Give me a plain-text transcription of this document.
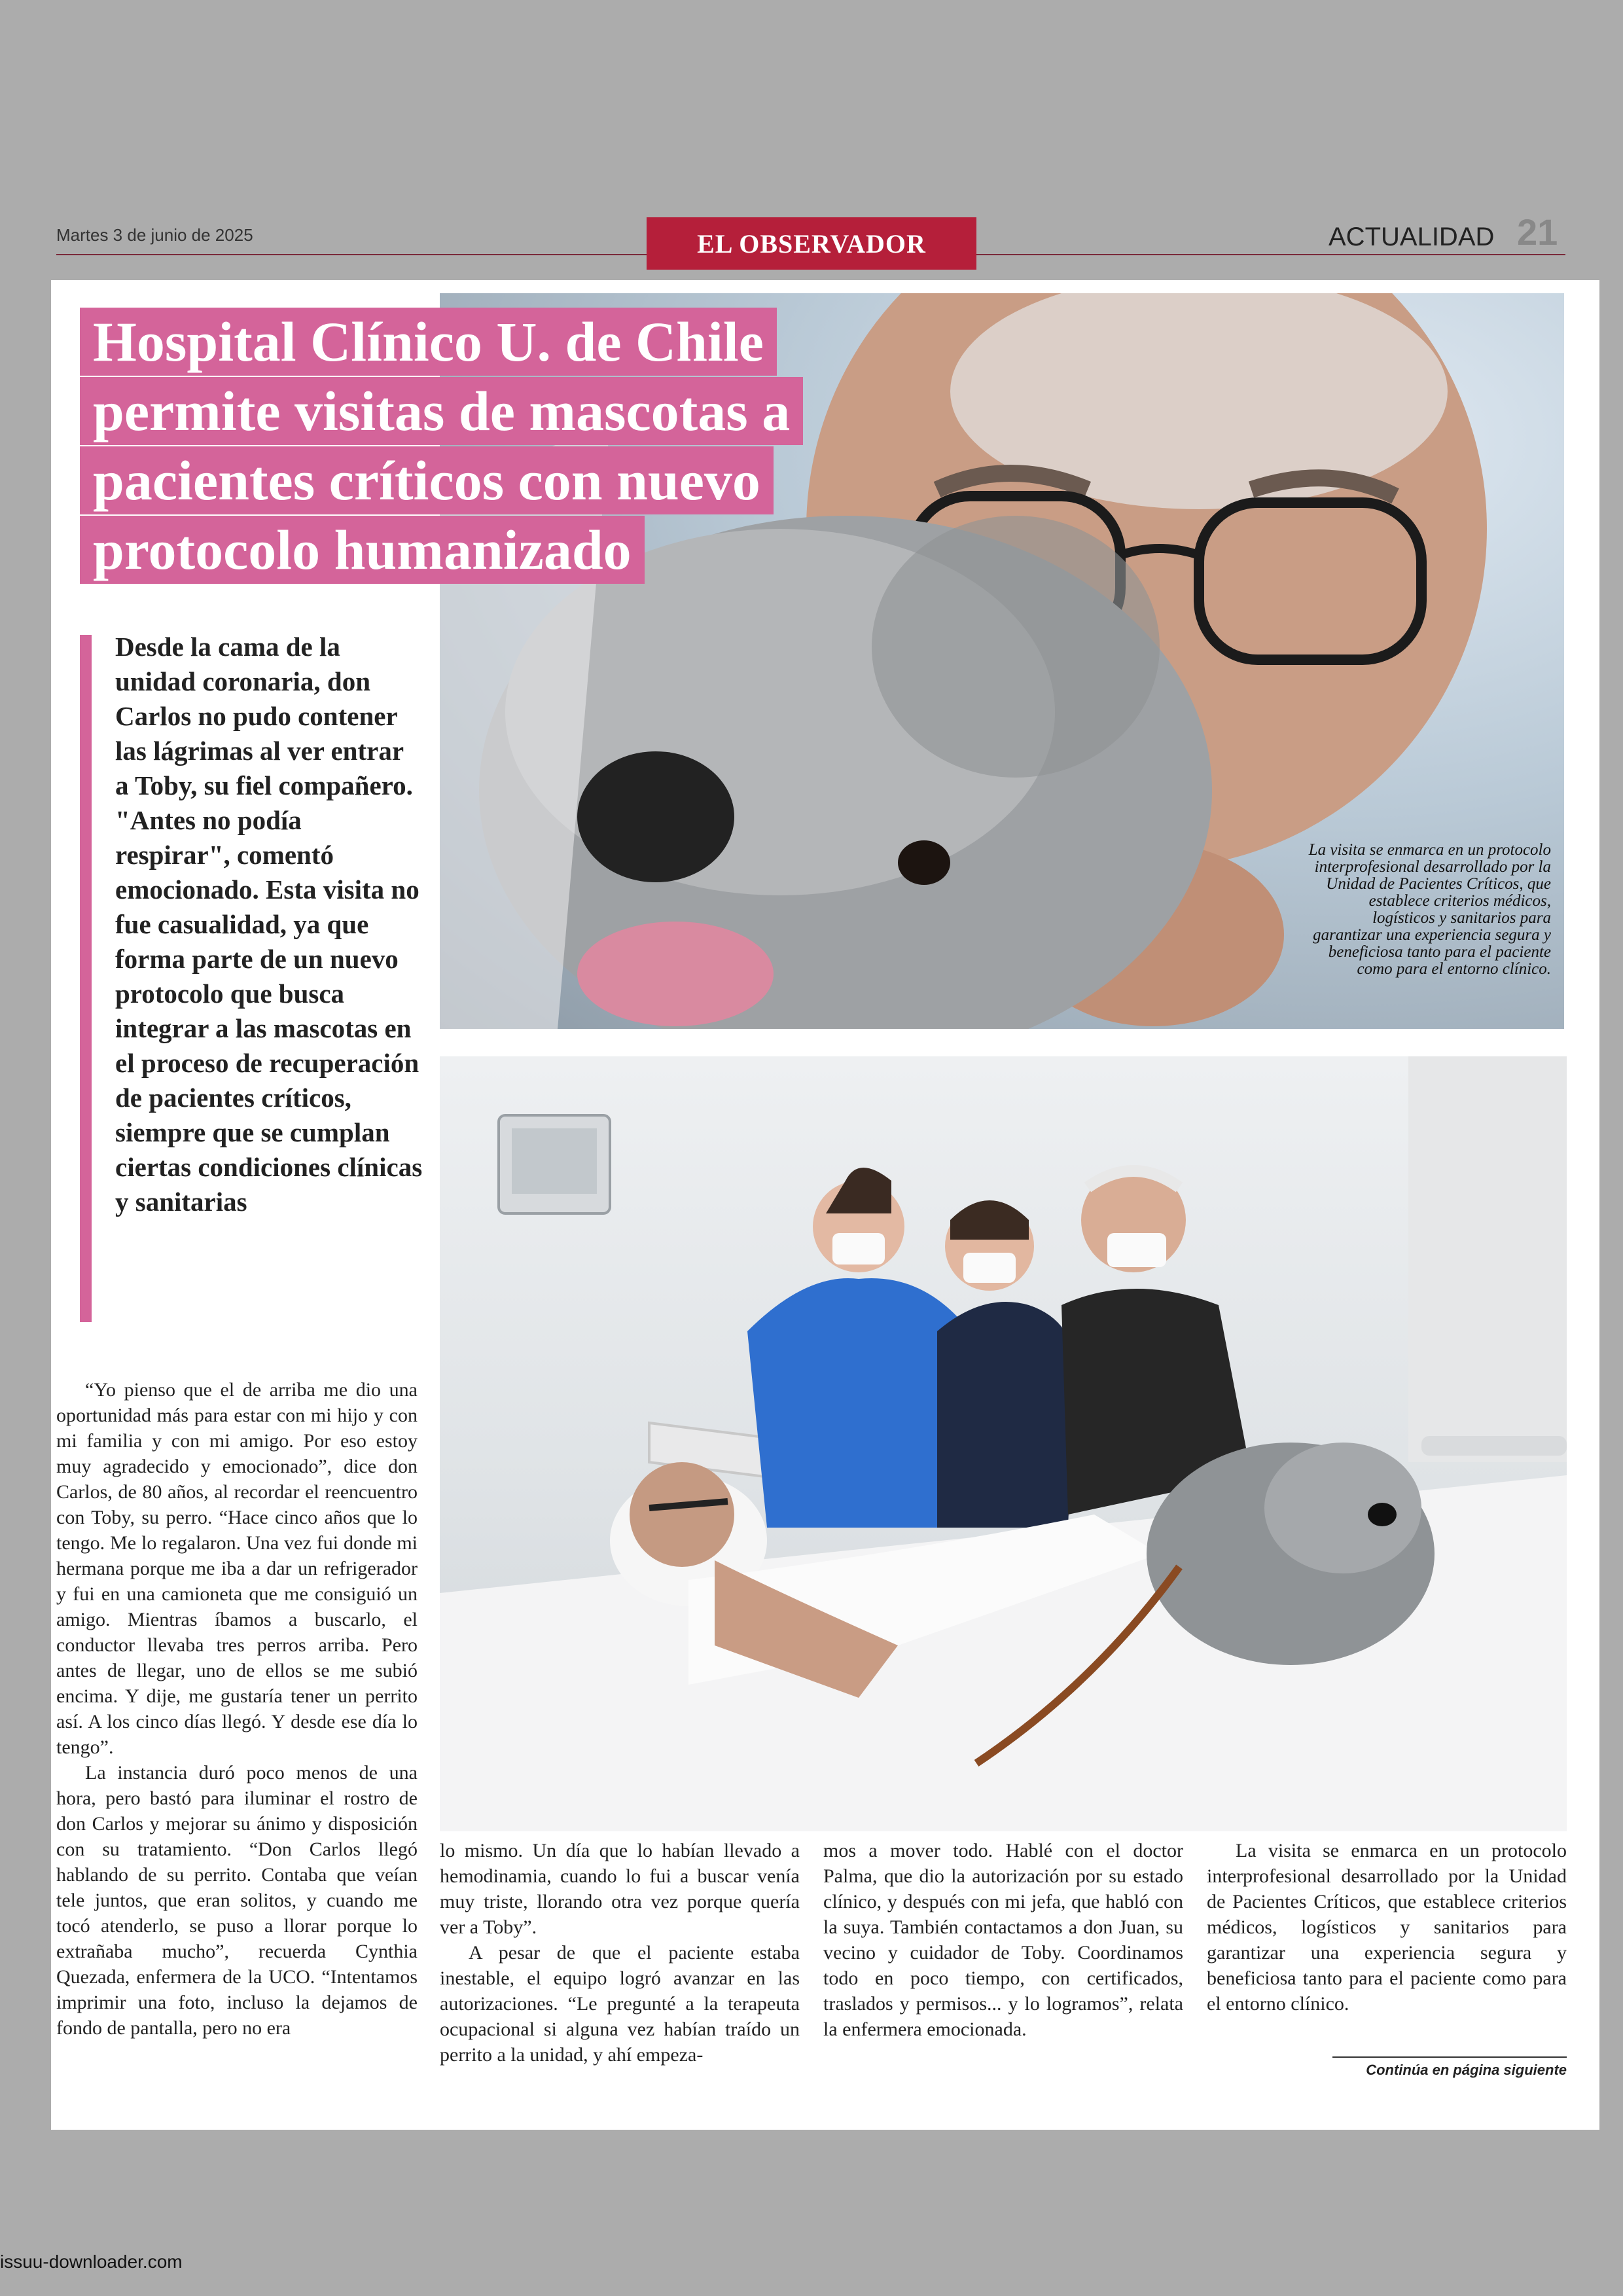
Martes 3 de junio de 2025	EL OBSERVADOR	ACTUALIDAD 21
Hospital Clínico U. de Chile
permite visitas de mascotas a
pacientes críticos con nuevo
protocolo humanizado
La visita se enmarca en un protocolo interprofesional desarrollado por la Unidad de Pacientes Críticos, que establece criterios médicos, logísticos y sanitarios para garantizar una experiencia segura y beneficiosa tanto para el paciente como para el entorno clínico.
Desde la cama de la unidad coronaria, don Carlos no pudo contener las lágrimas al ver entrar a Toby, su fiel compañero. "Antes no podía respirar", comentó emocionado. Esta visita no fue casualidad, ya que forma parte de un nuevo protocolo que busca integrar a las mascotas en el proceso de recuperación de pacientes críticos, siempre que se cumplan ciertas condiciones clínicas y sanitarias

“Yo pienso que el de arriba me dio una oportunidad más para estar con mi hijo y con mi familia y con mi amigo. Por eso estoy muy agradecido y emocionado”, dice don Carlos, de 80 años, al recordar el reencuentro con Toby, su perro. “Hace cinco años que lo tengo. Me lo regalaron. Una vez fui donde mi hermana porque me iba a dar un refrigerador y fui en una camioneta que me consiguió un amigo. Mientras íbamos a buscarlo, el conductor llevaba tres perros arriba. Pero antes de llegar, uno de ellos se me subió encima. Y dije, me gustaría tener un perrito así. A los cinco días llegó. Y desde ese día lo tengo”.

La instancia duró poco menos de una hora, pero bastó para iluminar el rostro de don Carlos y mejorar su ánimo y disposición con su tratamiento. “Don Carlos llegó hablando de su perrito. Contaba que veían tele juntos, que eran solitos, y cuando me tocó atenderlo, se puso a llorar porque lo extrañaba mucho”, recuerda Cynthia Quezada, enfermera de la UCO. “Intentamos imprimir una foto, incluso la dejamos de fondo de pantalla, pero no era

lo mismo. Un día que lo habían llevado a hemodinamia, cuando lo fui a buscar venía muy triste, llorando otra vez porque quería ver a Toby”.

A pesar de que el paciente estaba inestable, el equipo logró avanzar en las autorizaciones. “Le pregunté a la terapeuta ocupacional si alguna vez habían traído un perrito a la unidad, y ahí empeza-

mos a mover todo. Hablé con el doctor Palma, que dio la autorización por su estado clínico, y después con mi jefa, que habló con la suya. También contactamos a don Juan, su vecino y cuidador de Toby. Coordinamos todo en poco tiempo, con certificados, traslados y permisos... y lo logramos”, relata la enfermera emocionada.

La visita se enmarca en un protocolo interprofesional desarrollado por la Unidad de Pacientes Críticos, que establece criterios médicos, logísticos y sanitarios para garantizar una experiencia segura y beneficiosa tanto para el paciente como para el entorno clínico.

Continúa en página siguiente
issuu-downloader.com
